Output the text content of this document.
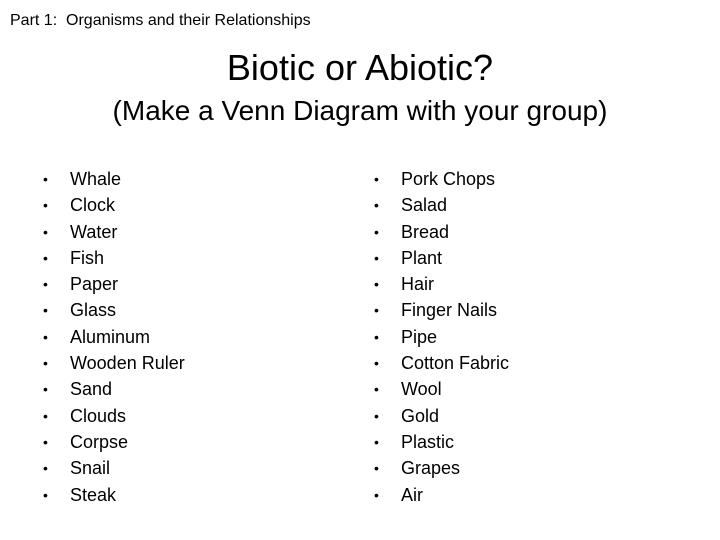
Part 1:  Organisms and their Relationships
Biotic or Abiotic?
(Make a Venn Diagram with your group)
• Whale
• Clock
• Water
• Fish
• Paper
• Glass
• Aluminum
• Wooden Ruler
• Sand
• Clouds
• Corpse
• Snail
• Steak
• Pork Chops
• Salad
• Bread
• Plant
• Hair
• Finger Nails
• Pipe
• Cotton Fabric
• Wool
• Gold
• Plastic
• Grapes
• Air
